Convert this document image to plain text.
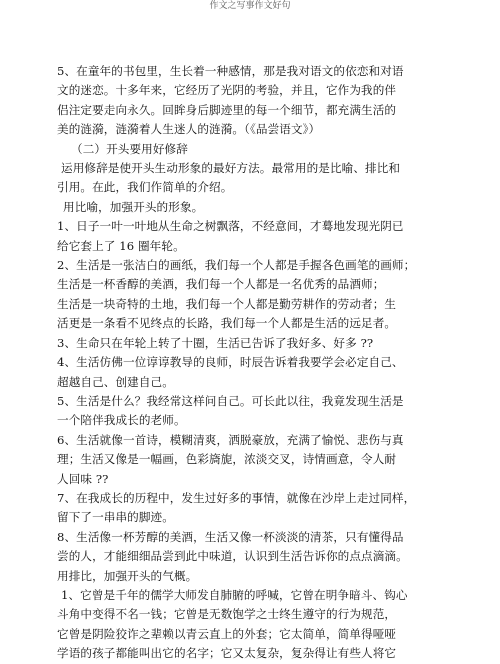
作文之写事作文好句

5、在童年的书包里，生长着一种感情，那是我对语文的依恋和对语

文的迷恋。十多年来，它经历了光阴的考验，并且，它作为我的伴

侣注定要走向永久。回眸身后脚迹里的每一个细节，都充满生活的

美的涟漪，涟漪着人生迷人的涟漪。（《品尝语文》）

（二）开头要用好修辞

运用修辞是使开头生动形象的最好方法。最常用的是比喻、排比和

引用。在此，我们作简单的介绍。

用比喻，加强开头的形象。

1、日子一叶一叶地从生命之树飘落，不经意间，才蓦地发现光阴已

给它套上了 16 圈年轮。

2、生活是一张洁白的画纸，我们每一个人都是手握各色画笔的画师；

生活是一杯香醇的美酒，我们每一个人都是一名优秀的品酒师；

生活是一块奇特的土地，我们每一个人都是勤劳耕作的劳动者；生

活更是一条看不见终点的长路，我们每一个人都是生活的远足者。

3、生命只在年轮上转了十圈，生活已告诉了我好多、好多 ??

4、生活仿佛一位谆谆教导的良师，时辰告诉着我要学会必定自己、

超越自己、创建自己。

5、生活是什么？我经常这样问自己。可长此以往，我竟发现生活是

一个陪伴我成长的老师。

6、生活就像一首诗，模糊清爽，洒脱豪放，充满了愉悦、悲伤与真

理；生活又像是一幅画，色彩旖旎，浓淡交叉，诗情画意，令人耐

人回味 ??

7、在我成长的历程中，发生过好多的事情，就像在沙岸上走过同样，

留下了一串串的脚迹。

8、生活像一杯芳醇的美酒，生活又像一杯淡淡的清茶，只有懂得品

尝的人，才能细细品尝到此中味道，认识到生活告诉你的点点滴滴。

用排比，加强开头的气概。

1、它曾是千年的儒学大师发自肺腑的呼喊，它曾在明争暗斗、钩心

斗角中变得不名一钱；它曾是无数饱学之士终生遵守的行为规范，

它曾是阴险狡诈之辈赖以青云直上的外套；它太简单，简单得哑哑

学语的孩子都能叫出它的名字；它又太复杂，复杂得让有些人将它
